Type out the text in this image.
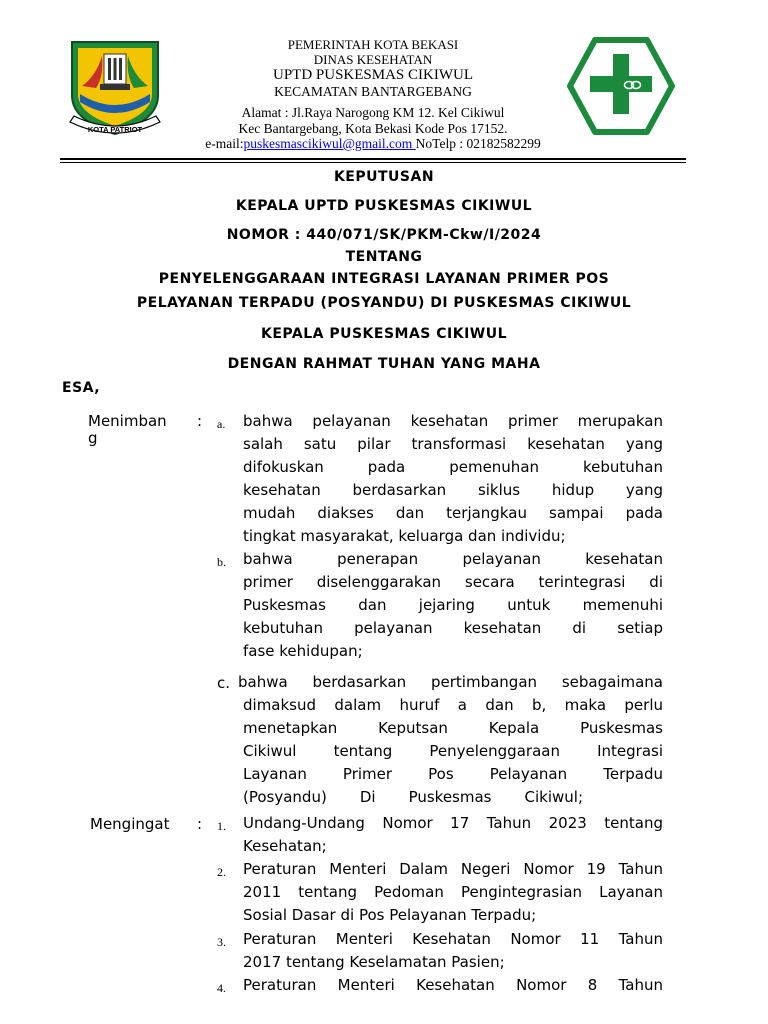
KOTA PATRIOT
PEMERINTAH KOTA BEKASI
DINAS KESEHATAN
UPTD PUSKESMAS CIKIWUL
KECAMATAN BANTARGEBANG
Alamat : Jl.Raya Narogong KM 12. Kel Cikiwul
Kec Bantargebang, Kota Bekasi Kode Pos 17152.
e-mail:puskesmascikiwul@gmail.com NoTelp : 02182582299
KEPUTUSAN
KEPALA UPTD PUSKESMAS CIKIWUL
NOMOR : 440/071/SK/PKM-Ckw/I/2024
TENTANG
PENYELENGGARAAN INTEGRASI LAYANAN PRIMER POS
PELAYANAN TERPADU (POSYANDU) DI PUSKESMAS CIKIWUL
KEPALA PUSKESMAS CIKIWUL
DENGAN RAHMAT TUHAN YANG MAHA
ESA,
Menimban
g
: a. bahwa pelayanan kesehatan primer merupakan
salah satu pilar transformasi kesehatan yang
difokuskan pada pemenuhan kebutuhan
kesehatan berdasarkan siklus hidup yang
mudah diakses dan terjangkau sampai pada
tingkat masyarakat, keluarga dan individu;
b. bahwa penerapan pelayanan kesehatan
primer diselenggarakan secara terintegrasi di
Puskesmas dan jejaring untuk memenuhi
kebutuhan pelayanan kesehatan di setiap
fase kehidupan;
c. bahwa berdasarkan pertimbangan sebagaimana
dimaksud dalam huruf a dan b, maka perlu
menetapkan Keputsan Kepala Puskesmas
Cikiwul tentang Penyelenggaraan Integrasi
Layanan Primer Pos Pelayanan Terpadu
(Posyandu) Di Puskesmas Cikiwul;
Mengingat : 1. Undang-Undang Nomor 17 Tahun 2023 tentang
Kesehatan;
2. Peraturan Menteri Dalam Negeri Nomor 19 Tahun
2011 tentang Pedoman Pengintegrasian Layanan
Sosial Dasar di Pos Pelayanan Terpadu;
3. Peraturan Menteri Kesehatan Nomor 11 Tahun
2017 tentang Keselamatan Pasien;
4. Peraturan Menteri Kesehatan Nomor 8 Tahun
